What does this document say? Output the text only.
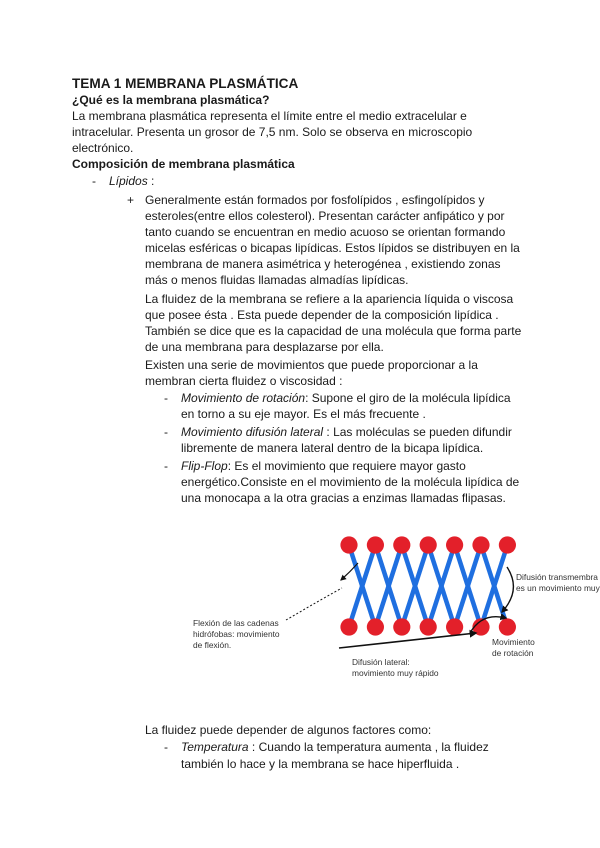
TEMA 1 MEMBRANA PLASMÁTICA
¿Qué es la membrana plasmática?
La membrana plasmática representa el límite entre el medio extracelular e
intracelular. Presenta un grosor de 7,5 nm. Solo se observa en microscopio
electrónico.
Composición de membrana plasmática
- Lípidos :
+ Generalmente están formados por fosfolípidos , esfingolípidos y
esteroles(entre ellos colesterol). Presentan carácter anfipático y por
tanto cuando se encuentran en medio acuoso se orientan formando
micelas esféricas o bicapas lipídicas. Estos lípidos se distribuyen en la
membrana de manera asimétrica y heterogénea , existiendo zonas
más o menos fluidas llamadas almadías lipídicas.
La fluidez de la membrana se refiere a la apariencia líquida o viscosa
que posee ésta . Esta puede depender de la composición lipídica .
También se dice que es la capacidad de una molécula que forma parte
de una membrana para desplazarse por ella.
Existen una serie de movimientos que puede proporcionar a la
membran cierta fluidez o viscosidad :
- Movimiento de rotación: Supone el giro de la molécula lipídica
en torno a su eje mayor. Es el más frecuente .
- Movimiento difusión lateral : Las moléculas se pueden difundir
libremente de manera lateral dentro de la bicapa lipídica.
- Flip-Flop: Es el movimiento que requiere mayor gasto
energético.Consiste en el movimiento de la molécula lipídica de
una monocapa a la otra gracias a enzimas llamadas flipasas.
Flexión de las cadenas
hidrófobas: movimiento
de flexión.
Difusión lateral:
movimiento muy rápido
Movimiento
de rotación
Difusión transmembra
es un movimiento muy
La fluidez puede depender de algunos factores como:
- Temperatura : Cuando la temperatura aumenta , la fluidez
también lo hace y la membrana se hace hiperfluida .
